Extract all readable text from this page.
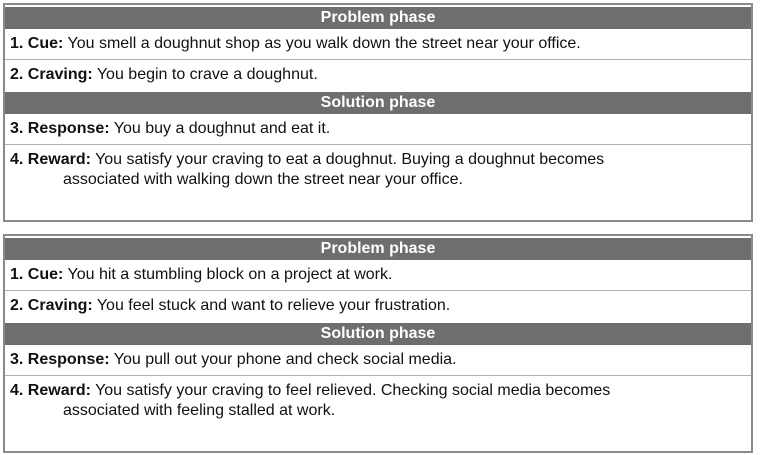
Problem phase
1. Cue: You smell a doughnut shop as you walk down the street near your office.
2. Craving: You begin to crave a doughnut.
Solution phase
3. Response: You buy a doughnut and eat it.
4. Reward: You satisfy your craving to eat a doughnut. Buying a doughnut becomes
associated with walking down the street near your office.
Problem phase
1. Cue: You hit a stumbling block on a project at work.
2. Craving: You feel stuck and want to relieve your frustration.
Solution phase
3. Response: You pull out your phone and check social media.
4. Reward: You satisfy your craving to feel relieved. Checking social media becomes
associated with feeling stalled at work.
